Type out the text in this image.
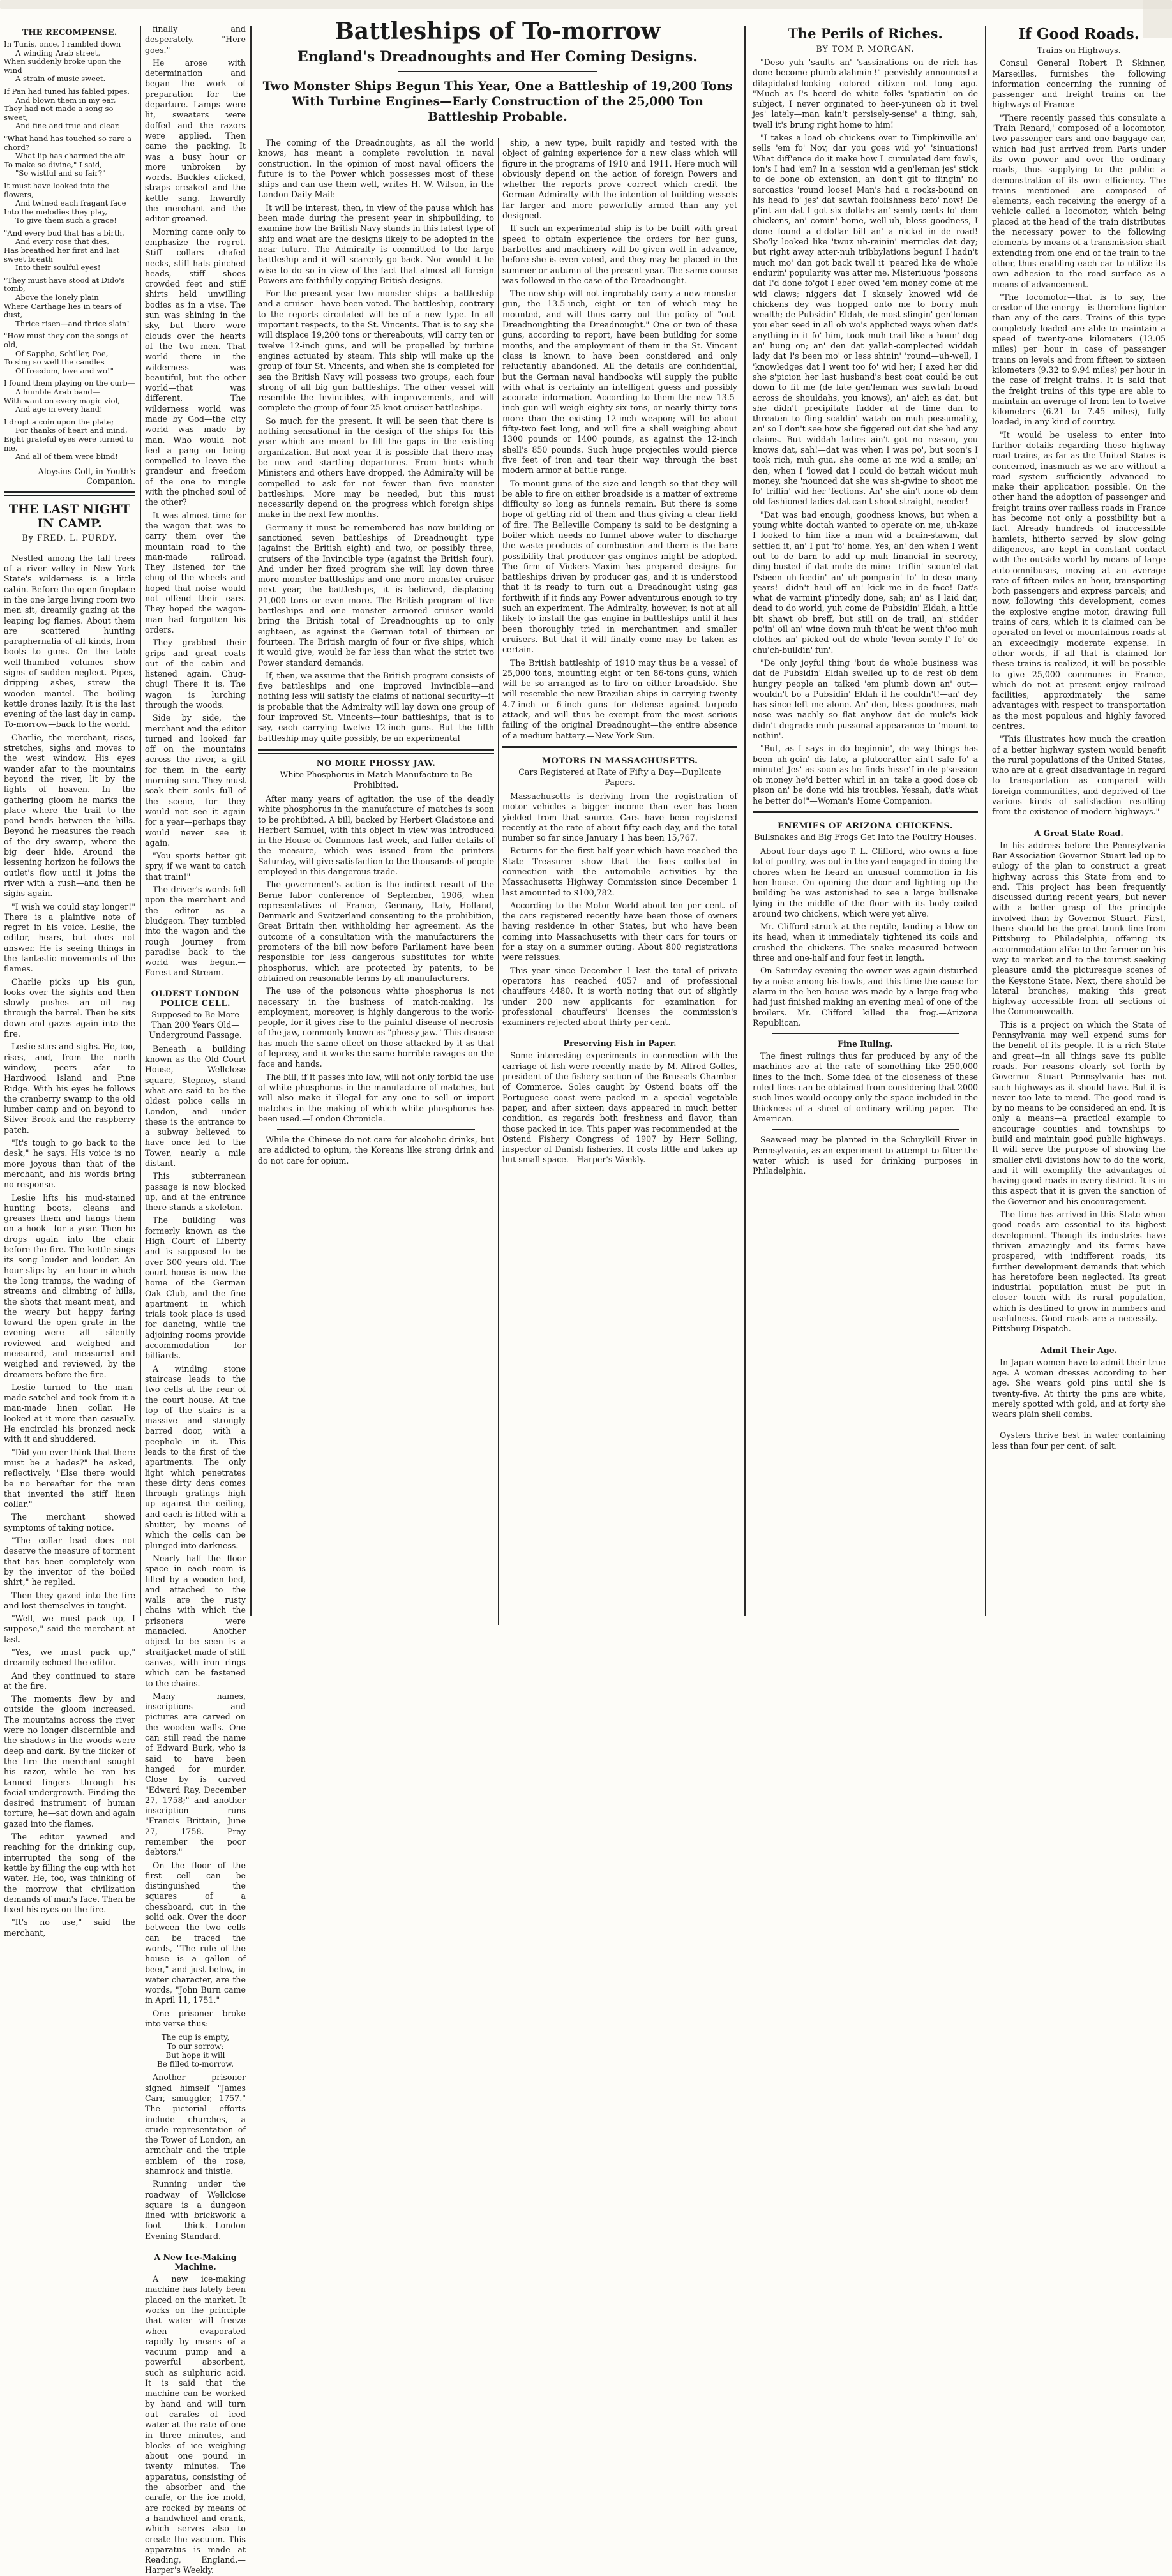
THE RECOMPENSE.
In Tunis, once, I rambled down
A winding Arab street,
When suddenly broke upon the wind
A strain of music sweet.
If Pan had tuned his fabled pipes,
And blown them in my ear,
They had not made a song so sweet,
And fine and true and clear.
"What hand has touched so rare a chord?
What lip has charmed the air
To make so divine," I said,
"So wistful and so fair?"
It must have looked into the flowers,
And twined each fragant face
Into the melodies they play,
To give them such a grace!
"And every bud that has a birth,
And every rose that dies,
Has breathed her first and last sweet breath
Into their soulful eyes!
"They must have stood at Dido's tomb,
Above the lonely plain
Where Carthage lies in tears of dust,
Thrice risen—and thrice slain!
"How must they con the songs of old,
Of Sappho, Schiller, Poe,
To sing so well the candles
Of freedom, love and wo!"
I found them playing on the curb—
A humble Arab band—
With want on every magic viol,
And age in every hand!
I dropt a coin upon the plate;
For thanks of heart and mind,
Eight grateful eyes were turned to me,
And all of them were blind!
—Aloysius Coll, in Youth's Companion.
THE LAST NIGHT IN CAMP.
By FRED. L. PURDY.

Nestled among the tall trees of a river valley in New York State's wilderness is a little cabin. Before the open fireplace in the one large living room two men sit, dreamily gazing at the leaping log flames. About them are scattered hunting paraphernalia of all kinds, from boots to guns. On the table well-thumbed volumes show signs of sudden neglect. Pipes, dripping ashes, strew the wooden mantel. The boiling kettle drones lazily. It is the last evening of the last day in camp. To-morrow—back to the world.

Charlie, the merchant, rises, stretches, sighs and moves to the west window. His eyes wander afar to the mountains beyond the river, lit by the lights of heaven. In the gathering gloom he marks the place where the trail to the pond bends between the hills. Beyond he measures the reach of the dry swamp, where the big deer hide. Around the lessening horizon he follows the outlet's flow until it joins the river with a rush—and then he sighs again.

"I wish we could stay longer!" There is a plaintive note of regret in his voice. Leslie, the editor, hears, but does not answer. He is seeing things in the fantastic movements of the flames.

Charlie picks up his gun, looks over the sights and then slowly pushes an oil rag through the barrel. Then he sits down and gazes again into the fire.

Leslie stirs and sighs. He, too, rises, and, from the north window, peers afar to Hardwood Island and Pine Ridge. With his eyes he follows the cranberry swamp to the old lumber camp and on beyond to Silver Brook and the raspberry patch.

"It's tough to go back to the desk," he says. His voice is no more joyous than that of the merchant, and his words bring no response.

Leslie lifts his mud-stained hunting boots, cleans and greases them and hangs them on a hook—for a year. Then he drops again into the chair before the fire. The kettle sings its song louder and louder. An hour slips by—an hour in which the long tramps, the wading of streams and climbing of hills, the shots that meant meat, and the weary but happy faring toward the open grate in the evening—were all silently reviewed and weighed and measured, and measured and weighed and reviewed, by the dreamers before the fire.

Leslie turned to the man-made satchel and took from it a man-made linen collar. He looked at it more than casually. He encircled his bronzed neck with it and shuddered.

"Did you ever think that there must be a hades?" he asked, reflectively. "Else there would be no hereafter for the man that invented the stiff linen collar."

The merchant showed symptoms of taking notice.

"The collar lead does not deserve the measure of torment that has been completely won by the inventor of the boiled shirt," he replied.

Then they gazed into the fire and lost themselves in tought.

"Well, we must pack up, I suppose," said the merchant at last.

"Yes, we must pack up," dreamily echoed the editor.

And they continued to stare at the fire.

The moments flew by and outside the gloom increased. The mountains across the river were no longer discernible and the shadows in the woods were deep and dark. By the flicker of the fire the merchant sought his razor, while he ran his tanned fingers through his facial undergrowth. Finding the desired instrument of human torture, he—sat down and again gazed into the flames.

The editor yawned and reaching for the drinking cup, interrupted the song of the kettle by filling the cup with hot water. He, too, was thinking of the morrow that civilization demands of man's face. Then he fixed his eyes on the fire.

"It's no use," said the merchant,

finally and desperately. "Here goes."

He arose with determination and began the work of preparation for the departure. Lamps were lit, sweaters were doffed and the razors were applied. Then came the packing. It was a busy hour or more unbroken by words. Buckles clicked, straps creaked and the kettle sang. Inwardly the merchant and the editor groaned.

Morning came only to emphasize the regret. Stiff collars chafed necks, stiff hats pinched heads, stiff shoes crowded feet and stiff shirts held unwilling bodies as in a vise. The sun was shining in the sky, but there were clouds over the hearts of the two men. That world there in the wilderness was beautiful, but the other world—that was different. The wilderness world was made by God—the city world was made by man. Who would not feel a pang on being compelled to leave the grandeur and freedom of the one to mingle with the pinched soul of the other?

It was almost time for the wagon that was to carry them over the mountain road to the man-made railroad. They listened for the chug of the wheels and hoped that noise would not offend their ears. They hoped the wagon-man had forgotten his orders.

They grabbed their grips and great coats out of the cabin and listened again. Chug-chug! There it is. The wagon is lurching through the woods.

Side by side, the merchant and the editor turned and looked far off on the mountains across the river, a gift for them in the early morning sun. They must soak their souls full of the scene, for they would not see it again for a year—perhaps they would never see it again.

"You sports better git spry, if we want to catch that train!"

The driver's words fell upon the merchant and the editor as a bludgeon. They tumbled into the wagon and the rough journey from paradise back to the world was begun.—Forest and Stream.

OLDEST LONDON POLICE CELL.
Supposed to Be More Than 200 Years Old—Underground Passage.

Beneath a building known as the Old Court House, Wellclose square, Stepney, stand what are said to be the oldest police cells in London, and under these is the entrance to a subway believed to have once led to the Tower, nearly a mile distant.

This subterranean passage is now blocked up, and at the entrance there stands a skeleton.

The building was formerly known as the High Court of Liberty and is supposed to be over 300 years old. The court house is now the home of the German Oak Club, and the fine apartment in which trials took place is used for dancing, while the adjoining rooms provide accommodation for billiards.

A winding stone staircase leads to the two cells at the rear of the court house. At the top of the stairs is a massive and strongly barred door, with a peephole in it. This leads to the first of the apartments. The only light which penetrates these dirty dens comes through gratings high up against the ceiling, and each is fitted with a shutter, by means of which the cells can be plunged into darkness.

Nearly half the floor space in each room is filled by a wooden bed, and attached to the walls are the rusty chains with which the prisoners were manacled. Another object to be seen is a straitjacket made of stiff canvas, with iron rings which can be fastened to the chains.

Many names, inscriptions and pictures are carved on the wooden walls. One can still read the name of Edward Burk, who is said to have been hanged for murder. Close by is carved "Edward Ray, December 27, 1758;" and another inscription runs "Francis Brittain, June 27, 1758. Pray remember the poor debtors."

On the floor of the first cell can be distinguished the squares of a chessboard, cut in the solid oak. Over the door between the two cells can be traced the words, "The rule of the house is a gallon of beer," and just below, in water character, are the words, "John Burn came in April 11, 1751."

One prisoner broke into verse thus:

The cup is empty,
To our sorrow;
But hope it will
Be filled to-morrow.

Another prisoner signed himself "James Carr, smuggler, 1757." The pictorial efforts include churches, a crude representation of the Tower of London, an armchair and the triple emblem of the rose, shamrock and thistle.

Running under the roadway of Wellclose square is a dungeon lined with brickwork a foot thick.—London Evening Standard.

A New Ice-Making Machine.

A new ice-making machine has lately been placed on the market. It works on the principle that water will freeze when evaporated rapidly by means of a vacuum pump and a powerful absorbent, such as sulphuric acid. It is said that the machine can be worked by hand and will turn out carafes of iced water at the rate of one in three minutes, and blocks of ice weighing about one pound in twenty minutes. The apparatus, consisting of the absorber and the carafe, or the ice mold, are rocked by means of a handwheel and crank, which serves also to create the vacuum. This apparatus is made at Reading, England.—Harper's Weekly.

Battleships of To-morrow
England's Dreadnoughts and Her Coming Designs.
Two Monster Ships Begun This Year, One a Battleship of 19,200 Tons With Turbine Engines—Early Construction of the 25,000 Ton Battleship Probable.

The coming of the Dreadnoughts, as all the world knows, has meant a complete revolution in naval construction. In the opinion of most naval officers the future is to the Power which possesses most of these ships and can use them well, writes H. W. Wilson, in the London Daily Mail:

It will be interest, then, in view of the pause which has been made during the present year in shipbuilding, to examine how the British Navy stands in this latest type of ship and what are the designs likely to be adopted in the near future. The Admiralty is committed to the large battleship and it will scarcely go back. Nor would it be wise to do so in view of the fact that almost all foreign Powers are faithfully copying British designs.

For the present year two monster ships—a battleship and a cruiser—have been voted. The battleship, contrary to the reports circulated will be of a new type. In all important respects, to the St. Vincents. That is to say she will displace 19,200 tons or thereabouts, will carry ten or twelve 12-inch guns, and will be propelled by turbine engines actuated by steam. This ship will make up the group of four St. Vincents, and when she is completed for sea the British Navy will possess two groups, each four strong of all big gun battleships. The other vessel will resemble the Invincibles, with improvements, and will complete the group of four 25-knot cruiser battleships.

So much for the present. It will be seen that there is nothing sensational in the design of the ships for this year which are meant to fill the gaps in the existing organization. But next year it is possible that there may be new and startling departures. From hints which Ministers and others have dropped, the Admiralty will be compelled to ask for not fewer than five monster battleships. More may be needed, but this must necessarily depend on the progress which foreign ships make in the next few months.

Germany it must be remembered has now building or sanctioned seven battleships of Dreadnought type (against the British eight) and two, or possibly three, cruisers of the Invincible type (against the British four). And under her fixed program she will lay down three more monster battleships and one more monster cruiser next year, the battleships, it is believed, displacing 21,000 tons or even more. The British program of five battleships and one monster armored cruiser would bring the British total of Dreadnoughts up to only eighteen, as against the German total of thirteen or fourteen. The British margin of four or five ships, which it would give, would be far less than what the strict two Power standard demands.

If, then, we assume that the British program consists of five battleships and one improved Invincible—and nothing less will satisfy the claims of national security—it is probable that the Admiralty will lay down one group of four improved St. Vincents—four battleships, that is to say, each carrying twelve 12-inch guns. But the fifth battleship may quite possibly, be an experimental

NO MORE PHOSSY JAW.
White Phosphorus in Match Manufacture to Be Prohibited.

After many years of agitation the use of the deadly white phosphorus in the manufacture of matches is soon to be prohibited. A bill, backed by Herbert Gladstone and Herbert Samuel, with this object in view was introduced in the House of Commons last week, and fuller details of the measure, which was issued from the printers Saturday, will give satisfaction to the thousands of people employed in this dangerous trade.

The government's action is the indirect result of the Berne labor conference of September, 1906, when representatives of France, Germany, Italy, Holland, Denmark and Switzerland consenting to the prohibition, Great Britain then withholding her agreement. As the outcome of a consultation with the manufacturers the promoters of the bill now before Parliament have been responsible for less dangerous substitutes for white phosphorus, which are protected by patents, to be obtained on reasonable terms by all manufacturers.

The use of the poisonous white phosphorus is not necessary in the business of match-making. Its employment, moreover, is highly dangerous to the work-people, for it gives rise to the painful disease of necrosis of the jaw, commonly known as "phossy jaw." This disease has much the same effect on those attacked by it as that of leprosy, and it works the same horrible ravages on the face and hands.

The bill, if it passes into law, will not only forbid the use of white phosphorus in the manufacture of matches, but will also make it illegal for any one to sell or import matches in the making of which white phosphorus has been used.—London Chronicle.

While the Chinese do not care for alcoholic drinks, but are addicted to opium, the Koreans like strong drink and do not care for opium.

ship, a new type, built rapidly and tested with the object of gaining experience for a new class which will figure in the programs of 1910 and 1911. Here much will obviously depend on the action of foreign Powers and whether the reports prove correct which credit the German Admiralty with the intention of building vessels far larger and more powerfully armed than any yet designed.

If such an experimental ship is to be built with great speed to obtain experience the orders for her guns, barbettes and machinery will be given well in advance, before she is even voted, and they may be placed in the summer or autumn of the present year. The same course was followed in the case of the Dreadnought.

The new ship will not improbably carry a new monster gun, the 13.5-inch, eight or ten of which may be mounted, and will thus carry out the policy of "out-Dreadnoughting the Dreadnought." One or two of these guns, according to report, have been building for some months, and the employment of them in the St. Vincent class is known to have been considered and only reluctantly abandoned. All the details are confidential, but the German naval handbooks will supply the public with what is certainly an intelligent guess and possibly accurate information. According to them the new 13.5-inch gun will weigh eighty-six tons, or nearly thirty tons more than the existing 12-inch weapon; will be about fifty-two feet long, and will fire a shell weighing about 1300 pounds or 1400 pounds, as against the 12-inch shell's 850 pounds. Such huge projectiles would pierce five feet of iron and tear their way through the best modern armor at battle range.

To mount guns of the size and length so that they will be able to fire on either broadside is a matter of extreme difficulty so long as funnels remain. But there is some hope of getting rid of them and thus giving a clear field of fire. The Belleville Company is said to be designing a boiler which needs no funnel above water to discharge the waste products of combustion and there is the bare possibility that producer gas engines might be adopted. The firm of Vickers-Maxim has prepared designs for battleships driven by producer gas, and it is understood that it is ready to turn out a Dreadnought using gas forthwith if it finds any Power adventurous enough to try such an experiment. The Admiralty, however, is not at all likely to install the gas engine in battleships until it has been thoroughly tried in merchantmen and smaller cruisers. But that it will finally come may be taken as certain.

The British battleship of 1910 may thus be a vessel of 25,000 tons, mounting eight or ten 86-tons guns, which will be so arranged as to fire on either broadside. She will resemble the new Brazilian ships in carrying twenty 4.7-inch or 6-inch guns for defense against torpedo attack, and will thus be exempt from the most serious failing of the original Dreadnought—the entire absence of a medium battery.—New York Sun.

MOTORS IN MASSACHUSETTS.
Cars Registered at Rate of Fifty a Day—Duplicate Papers.

Massachusetts is deriving from the registration of motor vehicles a bigger income than ever has been yielded from that source. Cars have been registered recently at the rate of about fifty each day, and the total number so far since January 1 has been 15,767.

Returns for the first half year which have reached the State Treasurer show that the fees collected in connection with the automobile activities by the Massachusetts Highway Commission since December 1 last amounted to $100,782.

According to the Motor World about ten per cent. of the cars registered recently have been those of owners having residence in other States, but who have been coming into Massachusetts with their cars for tours or for a stay on a summer outing. About 800 registrations were reissues.

This year since December 1 last the total of private operators has reached 4057 and of professional chauffeurs 4480. It is worth noting that out of slightly under 200 new applicants for examination for professional chauffeurs' licenses the commission's examiners rejected about thirty per cent.

Preserving Fish in Paper.

Some interesting experiments in connection with the carriage of fish were recently made by M. Alfred Golles, president of the fishery section of the Brussels Chamber of Commerce. Soles caught by Ostend boats off the Portuguese coast were packed in a special vegetable paper, and after sixteen days appeared in much better condition, as regards both freshness and flavor, than those packed in ice. This paper was recommended at the Ostend Fishery Congress of 1907 by Herr Solling, inspector of Danish fisheries. It costs little and takes up but small space.—Harper's Weekly.

The Perils of Riches.
BY TOM P. MORGAN.

"Deso yuh 'saults an' 'sassinations on de rich has done become plumb alahmin'!" peevishly announced a dilapidated-looking colored citizen not long ago. "Much as I's heerd de white folks 'spatiatin' on de subject, I never orginated to heer-yuneen ob it twel jes' lately—man kain't persisely-sense' a thing, sah, twell it's brung right home to him!

"I takes a load ob chickens over to Timpkinville an' sells 'em fo' Nov, dar you goes wid yo' 'sinuations! What diff'ence do it make how I 'cumulated dem fowls, ion's I had 'em? In a 'session wid a gen'leman jes' stick to de bone ob extension, an' don't git to flingin' no sarcastics 'round loose! Man's had a rocks-bound on his head fo' jes' dat sawtah foolishness befo' now! De p'int am dat I got six dollahs an' semty cents fo' dem chickens, an' comin' home, well-uh, bless goodness, I done found a d-dollar bill an' a nickel in de road! Sho'ly looked like 'twuz uh-rainin' merricles dat day; but right away atter-nuh tribbylations begun! I hadn't much mo' dan got back twell it 'peared like de whole endurin' popularity was atter me. Misteriuous 'possons dat I'd done fo'got I eber owed 'em money come at me wid claws; niggers dat I skasely knowed wid de chickens dey was hopped onto me to borry muh wealth; de Pubsidin' Eldah, de most slingin' gen'leman you eber seed in all ob wo's applicted ways when dat's anything-in it fo' him, took muh trail like a houn' dog an' hung on; an' den dat yallah-complected widdah lady dat I's been mo' or less shinin' 'round—uh-well, I 'knowledges dat I went too fo' wid her; I axed her did she s'picion her last husband's best coat could be cut down to fit me (de late gen'leman was sawtah broad across de shouldahs, you knows), an' aich as dat, but she didn't precipitate fudder at de time dan to threaten to fling scaldin' watah on muh possumality, an' so I don't see how she figgered out dat she had any claims. But widdah ladies ain't got no reason, you knows dat, sah!—dat was when I was po', but soon's I took rich, muh gua, she come at me wid a smile; an' den, when I 'lowed dat I could do bettah widout muh money, she 'nounced dat she was sh-gwine to shoot me fo' triflin' wid her 'fections. An' she ain't none ob dem old-fashioned ladies dat can't shoot straight, needer!

"Dat was bad enough, goodness knows, but when a young white doctah wanted to operate on me, uh-kaze I looked to him like a man wid a brain-stawm, dat settled it, an' I put 'fo' home. Yes, an' den when I went out to de barn to add up muh financial in secrecy, ding-busted if dat mule de mine—triflin' scoun'el dat I'sbeen uh-feedin' an' uh-pomperin' fo' lo deso many years!—didn't haul off an' kick me in de face! Dat's what de varmint p'intedly done, sah; an' as I laid dar, dead to do world, yuh come de Pubsidin' Eldah, a little bit shawt ob breff, but still on de trail, an' stidder po'in' oil an' wine down muh th'oat he went th'oo muh clothes an' picked out de whole 'leven-semty-f' fo' de chu'ch-buildin' fun'.

"De only joyful thing 'bout de whole business was dat de Pubsidin' Eldah swelled up to de rest ob dem hungry people an' talked 'em plumb down an' out—wouldn't bo a Pubsidin' Eldah if he couldn't!—an' dey has since left me alone. An' den, bless goodness, mah nose was nachly so flat anyhow dat de mule's kick didn't degrade muh pussonal appearance to 'mount to nothin'.

"But, as I says in do beginnin', de way things has been uh-goin' dis late, a plutocratter ain't safe fo' a minute! Jes' as soon as he finds hisse'f in de p'session ob money he'd better whirl in an' take a good dose ob pison an' be done wid his troubles. Yessah, dat's what he better do!"—Woman's Home Companion.

ENEMIES OF ARIZONA CHICKENS.
Bullsnakes and Big Frogs Get Into the Poultry Houses.

About four days ago T. L. Clifford, who owns a fine lot of poultry, was out in the yard engaged in doing the chores when he heard an unusual commotion in his hen house. On opening the door and lighting up the building he was astonished to see a large bullsnake lying in the middle of the floor with its body coiled around two chickens, which were yet alive.

Mr. Clifford struck at the reptile, landing a blow on its head, when it immediately tightened its coils and crushed the chickens. The snake measured between three and one-half and four feet in length.

On Saturday evening the owner was again disturbed by a noise among his fowls, and this time the cause for alarm in the hen house was made by a large frog who had just finished making an evening meal of one of the broilers. Mr. Clifford killed the frog.—Arizona Republican.

Fine Ruling.

The finest rulings thus far produced by any of the machines are at the rate of something like 250,000 lines to the inch. Some idea of the closeness of these ruled lines can be obtained from considering that 2000 such lines would occupy only the space included in the thickness of a sheet of ordinary writing paper.—The American.

Seaweed may be planted in the Schuylkill River in Pennsylvania, as an experiment to attempt to filter the water which is used for drinking purposes in Philadelphia.

If Good Roads.

Trains on Highways.

Consul General Robert P. Skinner, Marseilles, furnishes the following information concerning the running of passenger and freight trains on the highways of France:

"There recently passed this consulate a 'Train Renard,' composed of a locomotor, two passenger cars and one baggage car, which had just arrived from Paris under its own power and over the ordinary roads, thus supplying to the public a demonstration of its own efficiency. The trains mentioned are composed of elements, each receiving the energy of a vehicle called a locomotor, which being placed at the head of the train distributes the necessary power to the following elements by means of a transmission shaft extending from one end of the train to the other, thus enabling each car to utilize its own adhesion to the road surface as a means of advancement.

"The locomotor—that is to say, the creator of the energy—is therefore lighter than any of the cars. Trains of this type completely loaded are able to maintain a speed of twenty-one kilometers (13.05 miles) per hour in case of passenger trains on levels and from fifteen to sixteen kilometers (9.32 to 9.94 miles) per hour in the case of freight trains. It is said that the freight trains of this type are able to maintain an average of from ten to twelve kilometers (6.21 to 7.45 miles), fully loaded, in any kind of country.

"It would be useless to enter into further details regarding these highway road trains, as far as the United States is concerned, inasmuch as we are without a road system sufficiently advanced to make their application possible. On the other hand the adoption of passenger and freight trains over railless roads in France has become not only a possibility but a fact. Already hundreds of inaccessible hamlets, hitherto served by slow going diligences, are kept in constant contact with the outside world by means of large auto-omnibuses, moving at an average rate of fifteen miles an hour, transporting both passengers and express parcels; and now, following this development, comes the explosive engine motor, drawing full trains of cars, which it is claimed can be operated on level or mountainous roads at an exceedingly moderate expense. In other words, if all that is claimed for these trains is realized, it will be possible to give 25,000 communes in France, which do not at present enjoy railroad facilities, approximately the same advantages with respect to transportation as the most populous and highly favored centres.

"This illustrates how much the creation of a better highway system would benefit the rural populations of the United States, who are at a great disadvantage in regard to transportation as compared with foreign communities, and deprived of the various kinds of satisfaction resulting from the existence of modern highways."

A Great State Road.

In his address before the Pennsylvania Bar Association Governor Stuart led up to eulogy of the plan to construct a great highway across this State from end to end. This project has been frequently discussed during recent years, but never with a better grasp of the principle involved than by Governor Stuart. First, there should be the great trunk line from Pittsburg to Philadelphia, offering its accommodation alike to the farmer on his way to market and to the tourist seeking pleasure amid the picturesque scenes of the Keystone State. Next, there should be lateral branches, making this great highway accessible from all sections of the Commonwealth.

This is a project on which the State of Pennsylvania may well expend sums for the benefit of its people. It is a rich State and great—in all things save its public roads. For reasons clearly set forth by Governor Stuart Pennsylvania has not such highways as it should have. But it is never too late to mend. The good road is by no means to be considered an end. It is only a means—a practical example to encourage counties and townships to build and maintain good public highways. It will serve the purpose of showing the smaller civil divisions how to do the work, and it will exemplify the advantages of having good roads in every district. It is in this aspect that it is given the sanction of the Governor and his encouragement.

The time has arrived in this State when good roads are essential to its highest development. Though its industries have thriven amazingly and its farms have prospered, with indifferent roads, its further development demands that which has heretofore been neglected. Its great industrial population must be put in closer touch with its rural population, which is destined to grow in numbers and usefulness. Good roads are a necessity.—Pittsburg Dispatch.

Admit Their Age.

In Japan women have to admit their true age. A woman dresses according to her age. She wears gold pins until she is twenty-five. At thirty the pins are white, merely spotted with gold, and at forty she wears plain shell combs.

Oysters thrive best in water containing less than four per cent. of salt.
